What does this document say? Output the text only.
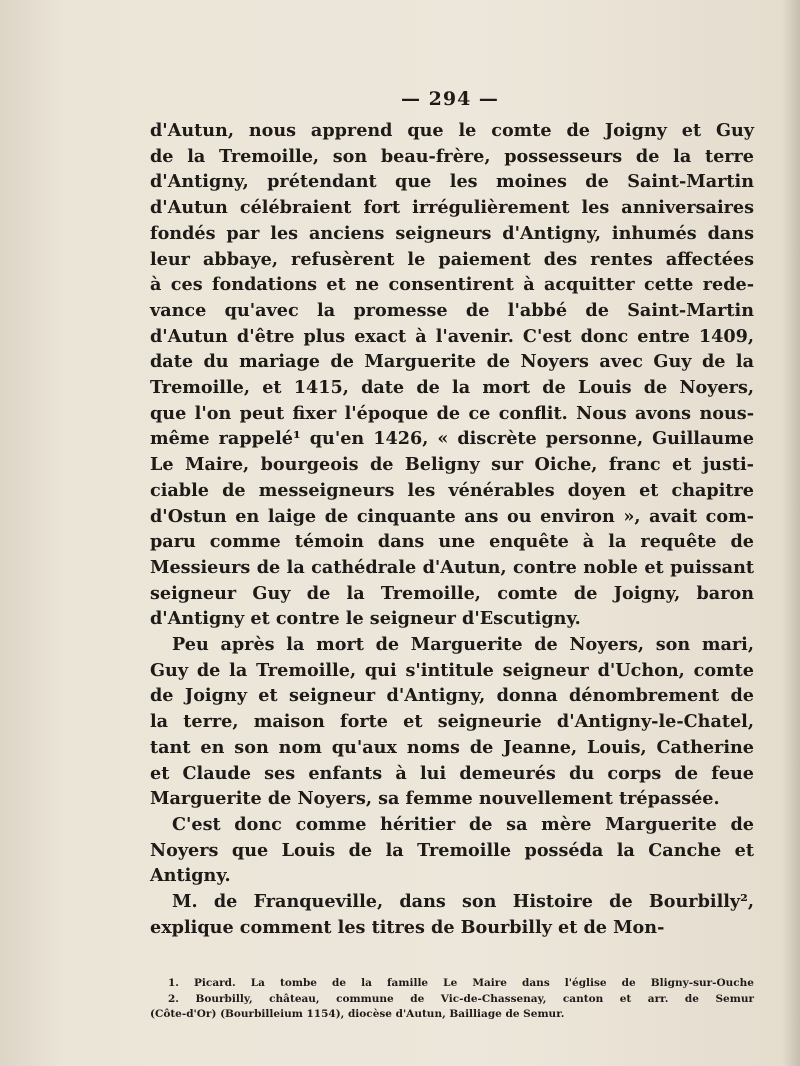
— 294 —
d'Autun, nous apprend que le comte de Joigny et Guy
de la Tremoille, son beau-frère, possesseurs de la terre
d'Antigny, prétendant que les moines de Saint-Martin
d'Autun célébraient fort irrégulièrement les anniversaires
fondés par les anciens seigneurs d'Antigny, inhumés dans
leur abbaye, refusèrent le paiement des rentes affectées
à ces fondations et ne consentirent à acquitter cette rede-
vance qu'avec la promesse de l'abbé de Saint-Martin
d'Autun d'être plus exact à l'avenir. C'est donc entre 1409,
date du mariage de Marguerite de Noyers avec Guy de la
Tremoille, et 1415, date de la mort de Louis de Noyers,
que l'on peut fixer l'époque de ce conflit. Nous avons nous-
même rappelé¹ qu'en 1426, « discrète personne, Guillaume
Le Maire, bourgeois de Beligny sur Oiche, franc et justi-
ciable de messeigneurs les vénérables doyen et chapitre
d'Ostun en laige de cinquante ans ou environ », avait com-
paru comme témoin dans une enquête à la requête de
Messieurs de la cathédrale d'Autun, contre noble et puissant
seigneur Guy de la Tremoille, comte de Joigny, baron
d'Antigny et contre le seigneur d'Escutigny.
Peu après la mort de Marguerite de Noyers, son mari,
Guy de la Tremoille, qui s'intitule seigneur d'Uchon, comte
de Joigny et seigneur d'Antigny, donna dénombrement de
la terre, maison forte et seigneurie d'Antigny-le-Chatel,
tant en son nom qu'aux noms de Jeanne, Louis, Catherine
et Claude ses enfants à lui demeurés du corps de feue
Marguerite de Noyers, sa femme nouvellement trépassée.
C'est donc comme héritier de sa mère Marguerite de
Noyers que Louis de la Tremoille posséda la Canche et
Antigny.
M. de Franqueville, dans son Histoire de Bourbilly²,
explique comment les titres de Bourbilly et de Mon-
1. Picard. La tombe de la famille Le Maire dans l'église de Bligny-sur-Ouche
2. Bourbilly, château, commune de Vic-de-Chassenay, canton et arr. de Semur
(Côte-d'Or) (Bourbilleium 1154), diocèse d'Autun, Bailliage de Semur.
